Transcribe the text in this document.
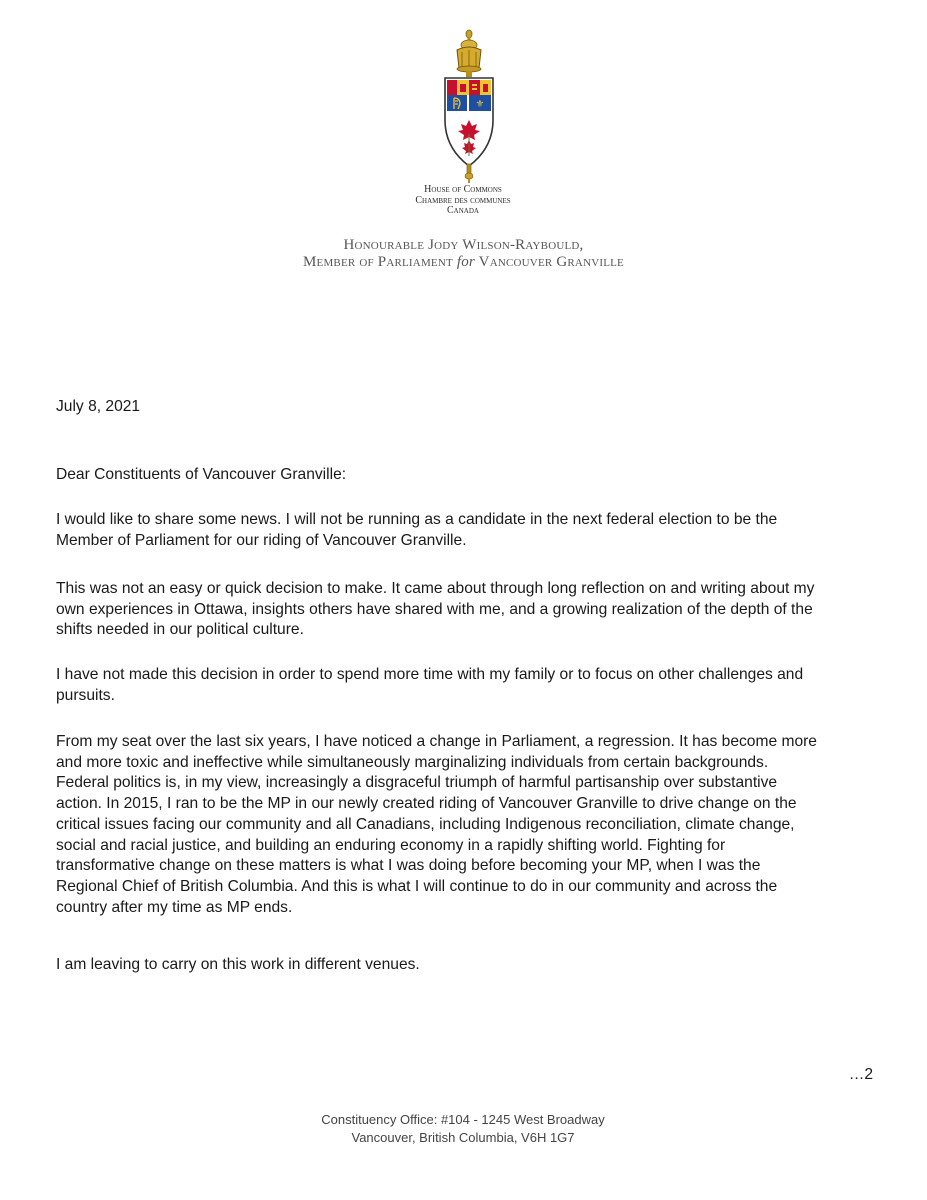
⚜
House of Commons
Chambre des communes
Canada
Honourable Jody Wilson-Raybould,
Member of Parliament for Vancouver Granville
July 8, 2021
Dear Constituents of Vancouver Granville:
I would like to share some news. I will not be running as a candidate in the next federal election to be the
Member of Parliament for our riding of Vancouver Granville.
This was not an easy or quick decision to make. It came about through long reflection on and writing about my
own experiences in Ottawa, insights others have shared with me, and a growing realization of the depth of the
shifts needed in our political culture.
I have not made this decision in order to spend more time with my family or to focus on other challenges and
pursuits.
From my seat over the last six years, I have noticed a change in Parliament, a regression. It has become more
and more toxic and ineffective while simultaneously marginalizing individuals from certain backgrounds.
Federal politics is, in my view, increasingly a disgraceful triumph of harmful partisanship over substantive
action. In 2015, I ran to be the MP in our newly created riding of Vancouver Granville to drive change on the
critical issues facing our community and all Canadians, including Indigenous reconciliation, climate change,
social and racial justice, and building an enduring economy in a rapidly shifting world. Fighting for
transformative change on these matters is what I was doing before becoming your MP, when I was the
Regional Chief of British Columbia. And this is what I will continue to do in our community and across the
country after my time as MP ends.
I am leaving to carry on this work in different venues.
…2
Constituency Office: #104 - 1245 West Broadway
Vancouver, British Columbia, V6H 1G7
